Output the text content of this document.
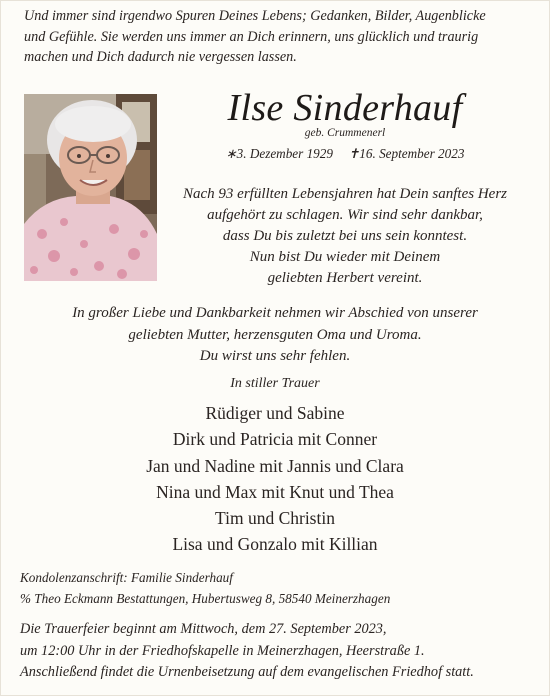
Und immer sind irgendwo Spuren Deines Lebens; Gedanken, Bilder, Augenblicke
und Gefühle. Sie werden uns immer an Dich erinnern, uns glücklich und traurig
machen und Dich dadurch nie vergessen lassen.
Ilse Sinderhauf
geb. Crummenerl
∗3. Dezember 1929 ✝16. September 2023
Nach 93 erfüllten Lebensjahren hat Dein sanftes Herz
aufgehört zu schlagen. Wir sind sehr dankbar,
dass Du bis zuletzt bei uns sein konntest.
Nun bist Du wieder mit Deinem
geliebten Herbert vereint.
In großer Liebe und Dankbarkeit nehmen wir Abschied von unserer
geliebten Mutter, herzensguten Oma und Uroma.
Du wirst uns sehr fehlen.
In stiller Trauer
Rüdiger und Sabine
Dirk und Patricia mit Conner
Jan und Nadine mit Jannis und Clara
Nina und Max mit Knut und Thea
Tim und Christin
Lisa und Gonzalo mit Killian
Kondolenzanschrift: Familie Sinderhauf
% Theo Eckmann Bestattungen, Hubertusweg 8, 58540 Meinerzhagen
Die Trauerfeier beginnt am Mittwoch, dem 27. September 2023,
um 12:00 Uhr in der Friedhofskapelle in Meinerzhagen, Heerstraße 1.
Anschließend findet die Urnenbeisetzung auf dem evangelischen Friedhof statt.
